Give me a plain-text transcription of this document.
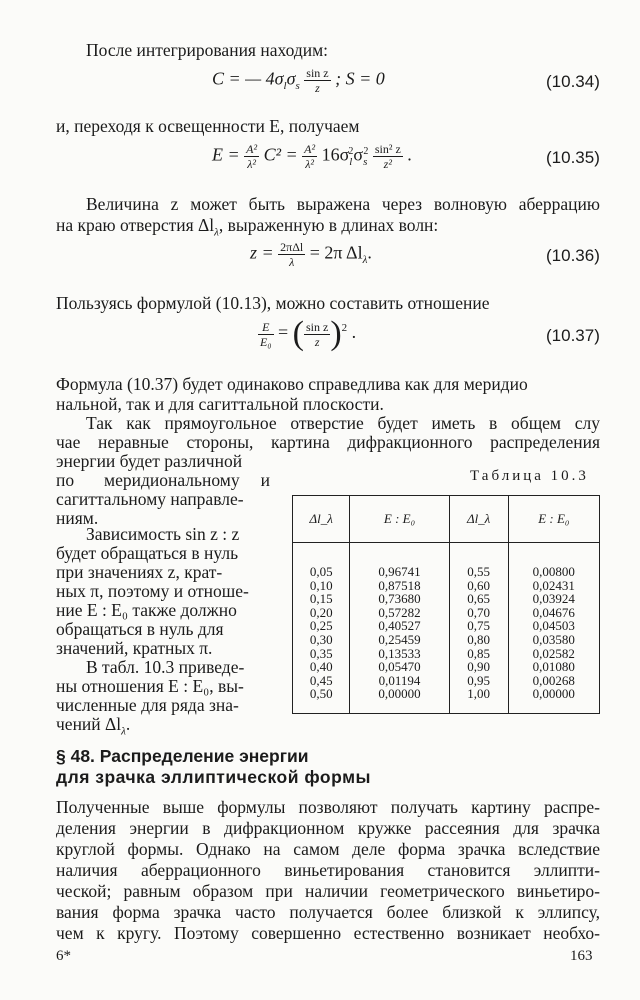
После интегрирования находим:
C = — $4\sigma_l\sigma_s \frac{\text{sin z}}{z}$ ; S = 0	(10.34)
и, переходя к освещенности E, получаем
$E = \frac{\text{A²}}{\text{λ²}} C^2 = \frac{\text{A²}}{\text{λ²}} 16\sigma_l^2\sigma_s^2 \frac{\text{sin² z}}{\text{z²}}$ .	(10.35)
Величина z может быть выражена через волновую аберрацию
на краю отверстия $\Delta l_\lambda$, выраженную в длинах волн:
$z = \frac{\text{2πΔl}}{\lambda} = 2\pi$ $\Delta l_\lambda$.	(10.36)
Пользуясь формулой (10.13), можно составить отношение
$\frac{E}{\text{E₀}}$ = ( $\frac{\text{sin z}}{z} )^2$ .	(10.37)
Формула (10.37) будет одинаково справедлива как для меридио
нальной, так и для сагиттальной плоскости.
Так как прямоугольное отверстие будет иметь в общем слу
чае неравные стороны, картина дифракционного распределения
энергии будет различной
по меридиональному и
сагиттальному направле-
ниям.
Зависимость sin z : z
будет обращаться в нуль
при значениях z, крат-
ных π, поэтому и отноше-
ние E : E₀ также должно
обращаться в нуль для
значений, кратных π.
В табл. 10.3 приведе-
ны отношения E : E₀, вы-
численные для ряда зна-
чений $\Delta l_\lambda$.
Таблица 10.3
Δl_λ	E : E₀	Δl_λ	E : E₀
0,05	0,96741	0,55	0,00800
0,10	0,87518	0,60	0,02431
0,15	0,73680	0,65	0,03924
0,20	0,57282	0,70	0,04676
0,25	0,40527	0,75	0,04503
0,30	0,25459	0,80	0,03580
0,35	0,13533	0,85	0,02582
0,40	0,05470	0,90	0,01080
0,45	0,01194	0,95	0,00268
0,50	0,00000	1,00	0,00000
§ 48. Распределение энергии
для зрачка эллиптической формы
Полученные выше формулы позволяют получать картину распре-
деления энергии в дифракционном кружке рассеяния для зрачка
круглой формы. Однако на самом деле форма зрачка вследствие
наличия аберрационного виньетирования становится эллипти-
ческой; равным образом при наличии геометрического виньетиро-
вания форма зрачка часто получается более близкой к эллипсу,
чем к кругу. Поэтому совершенно естественно возникает необхо-
6*	163
